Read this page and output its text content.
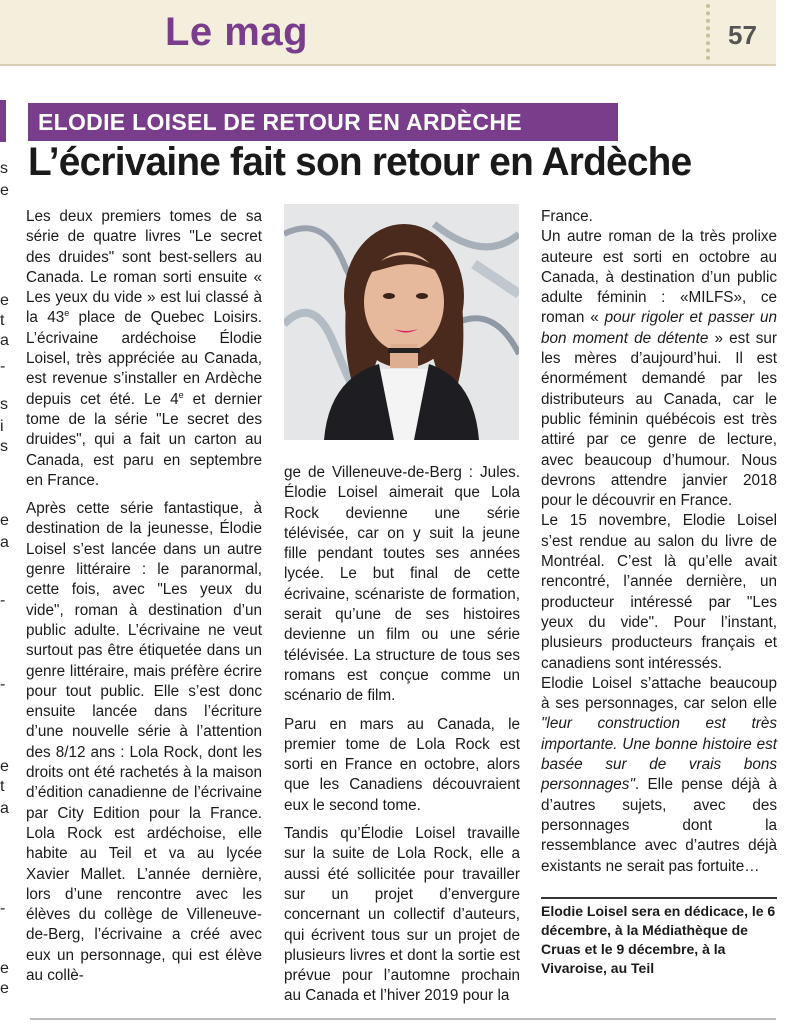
Le mag	57
s
e
e
t
a
-
s
i
s
e
a
-
-
e
t
a
-
e
e
ELODIE LOISEL DE RETOUR EN ARDÈCHE
L’écrivaine fait son retour en Ardèche

Les deux premiers tomes de sa série de quatre livres "Le secret des druides" sont best-sellers au Canada. Le roman sorti ensuite « Les yeux du vide » est lui classé à la 43e place de Quebec Loisirs. L’écrivaine ardéchoise Élodie Loisel, très appréciée au Canada, est revenue s’installer en Ardèche depuis cet été. Le 4e et dernier tome de la série "Le secret des druides", qui a fait un carton au Canada, est paru en septembre en France.

Après cette série fantastique, à destination de la jeunesse, Élodie Loisel s’est lancée dans un autre genre littéraire : le paranormal, cette fois, avec "Les yeux du vide", roman à destination d’un public adulte. L’écrivaine ne veut surtout pas être étiquetée dans un genre littéraire, mais préfère écrire pour tout public. Elle s’est donc ensuite lancée dans l’écriture d’une nouvelle série à l’attention des 8/12 ans : Lola Rock, dont les droits ont été rachetés à la maison d’édition canadienne de l’écrivaine par City Edition pour la France. Lola Rock est ardéchoise, elle habite au Teil et va au lycée Xavier Mallet. L’année dernière, lors d’une rencontre avec les élèves du collège de Villeneuve-de-Berg, l’écrivaine a créé avec eux un personnage, qui est élève au collè-

ge de Villeneuve-de-Berg : Jules. Élodie Loisel aimerait que Lola Rock devienne une série télévisée, car on y suit la jeune fille pendant toutes ses années lycée. Le but final de cette écrivaine, scénariste de formation, serait qu’une de ses histoires devienne un film ou une série télévisée. La structure de tous ses romans est conçue comme un scénario de film.

Paru en mars au Canada, le premier tome de Lola Rock est sorti en France en octobre, alors que les Canadiens découvraient eux le second tome.

Tandis qu’Élodie Loisel travaille sur la suite de Lola Rock, elle a aussi été sollicitée pour travailler sur un projet d’envergure concernant un collectif d’auteurs, qui écrivent tous sur un projet de plusieurs livres et dont la sortie est prévue pour l’automne prochain au Canada et l’hiver 2019 pour la

France.

Un autre roman de la très prolixe auteure est sorti en octobre au Canada, à destination d’un public adulte féminin : «MILFS», ce roman « pour rigoler et passer un bon moment de détente » est sur les mères d’aujourd’hui. Il est énormément demandé par les distributeurs au Canada, car le public féminin québécois est très attiré par ce genre de lecture, avec beaucoup d’humour. Nous devrons attendre janvier 2018 pour le découvrir en France.

Le 15 novembre, Elodie Loisel s’est rendue au salon du livre de Montréal. C’est là qu’elle avait rencontré, l’année dernière, un producteur intéressé par "Les yeux du vide". Pour l’instant, plusieurs producteurs français et canadiens sont intéressés.

Elodie Loisel s’attache beaucoup à ses personnages, car selon elle "leur construction est très importante. Une bonne histoire est basée sur de vrais bons personnages". Elle pense déjà à d’autres sujets, avec des personnages dont la ressemblance avec d’autres déjà existants ne serait pas fortuite…

Elodie Loisel sera en dédicace, le 6 décembre, à la Médiathèque de Cruas et le 9 décembre, à la Vivaroise, au Teil
